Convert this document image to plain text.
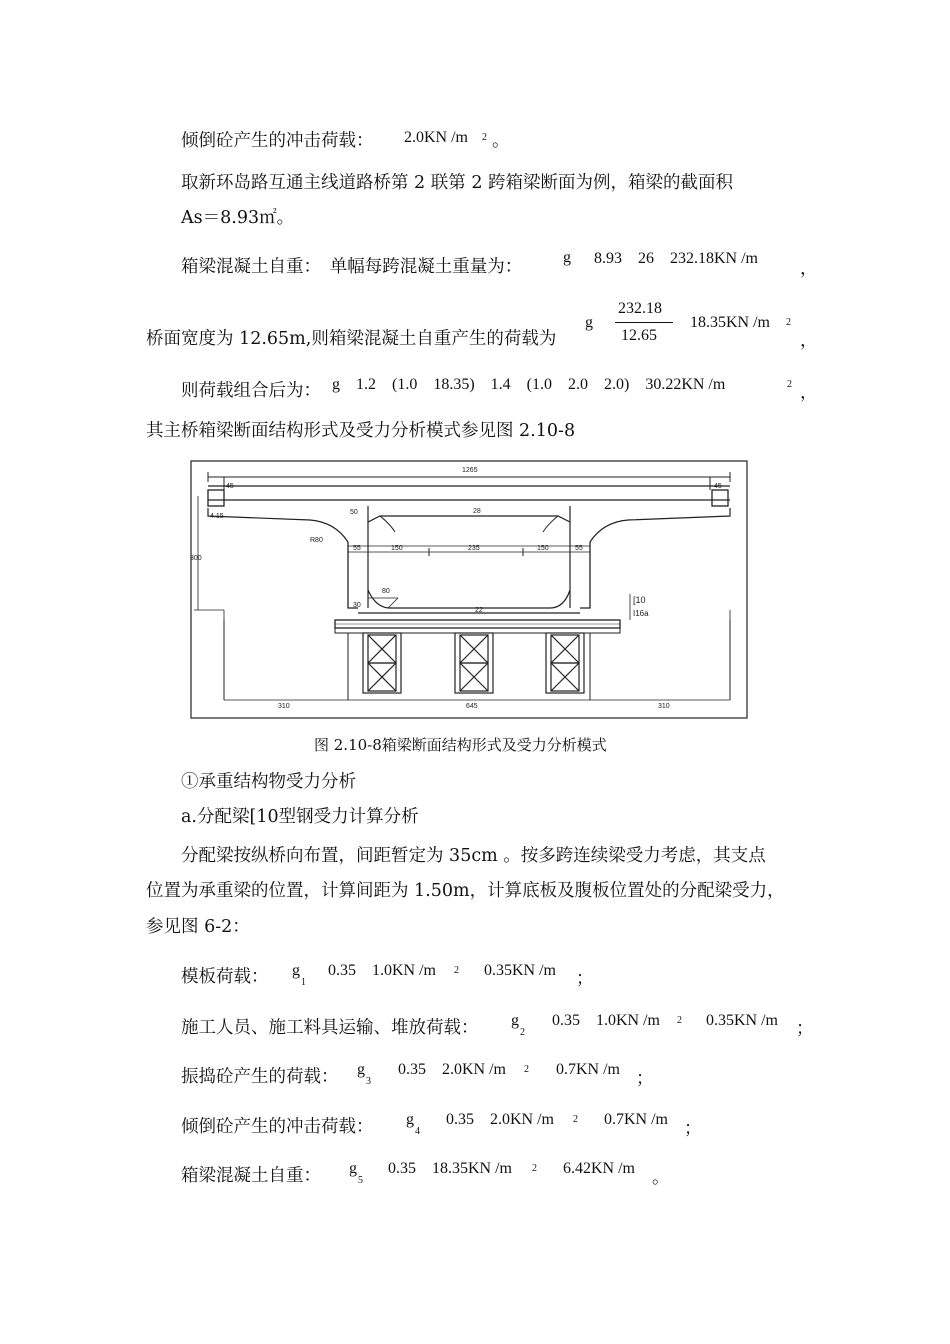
倾倒砼产生的冲击荷载： 2.0KN /m 2 。
取新环岛路互通主线道路桥第 2 联第 2 跨箱梁断面为例，箱梁的截面积
As＝8.93㎡。
箱梁混凝土自重：　单幅每跨混凝土重量为：	g 8.93　26　232.18KN /m
，
桥面宽度为 12.65m,则箱梁混凝土自重产生的荷载为
g
232.18
12.65
18.35KN /m 2
，
则荷载组合后为： g　1.2　(1.0　18.35)　1.4　(1.0　2.0　2.0)　30.22KN /m	2 ，
其主桥箱梁断面结构形式及受力分析模式参见图 2.10-8
1265
45	45
50	28
4.15
R80
300
55	150	235	150	55
80
30
22
[10
I16a
310	645	310
图 2.10-8箱梁断面结构形式及受力分析模式
①承重结构物受力分析
a.分配梁[10型钢受力计算分析
分配梁按纵桥向布置，间距暂定为 35cm 。按多跨连续梁受力考虑，其支点
位置为承重梁的位置，计算间距为 1.50m，计算底板及腹板位置处的分配梁受力，
参见图 6-2：
模板荷载： g
1
0.35　1.0KN /m 2 0.35KN /m ；
施工人员、施工料具运输、堆放荷载： g
2
0.35　1.0KN /m 2 0.35KN /m ；
振捣砼产生的荷载： g
3
0.35　2.0KN /m 2 0.7KN /m ；
倾倒砼产生的冲击荷载： g
4
0.35　2.0KN /m 2 0.7KN /m ；
箱梁混凝土自重： g
5
0.35　18.35KN /m 2 6.42KN /m 。
